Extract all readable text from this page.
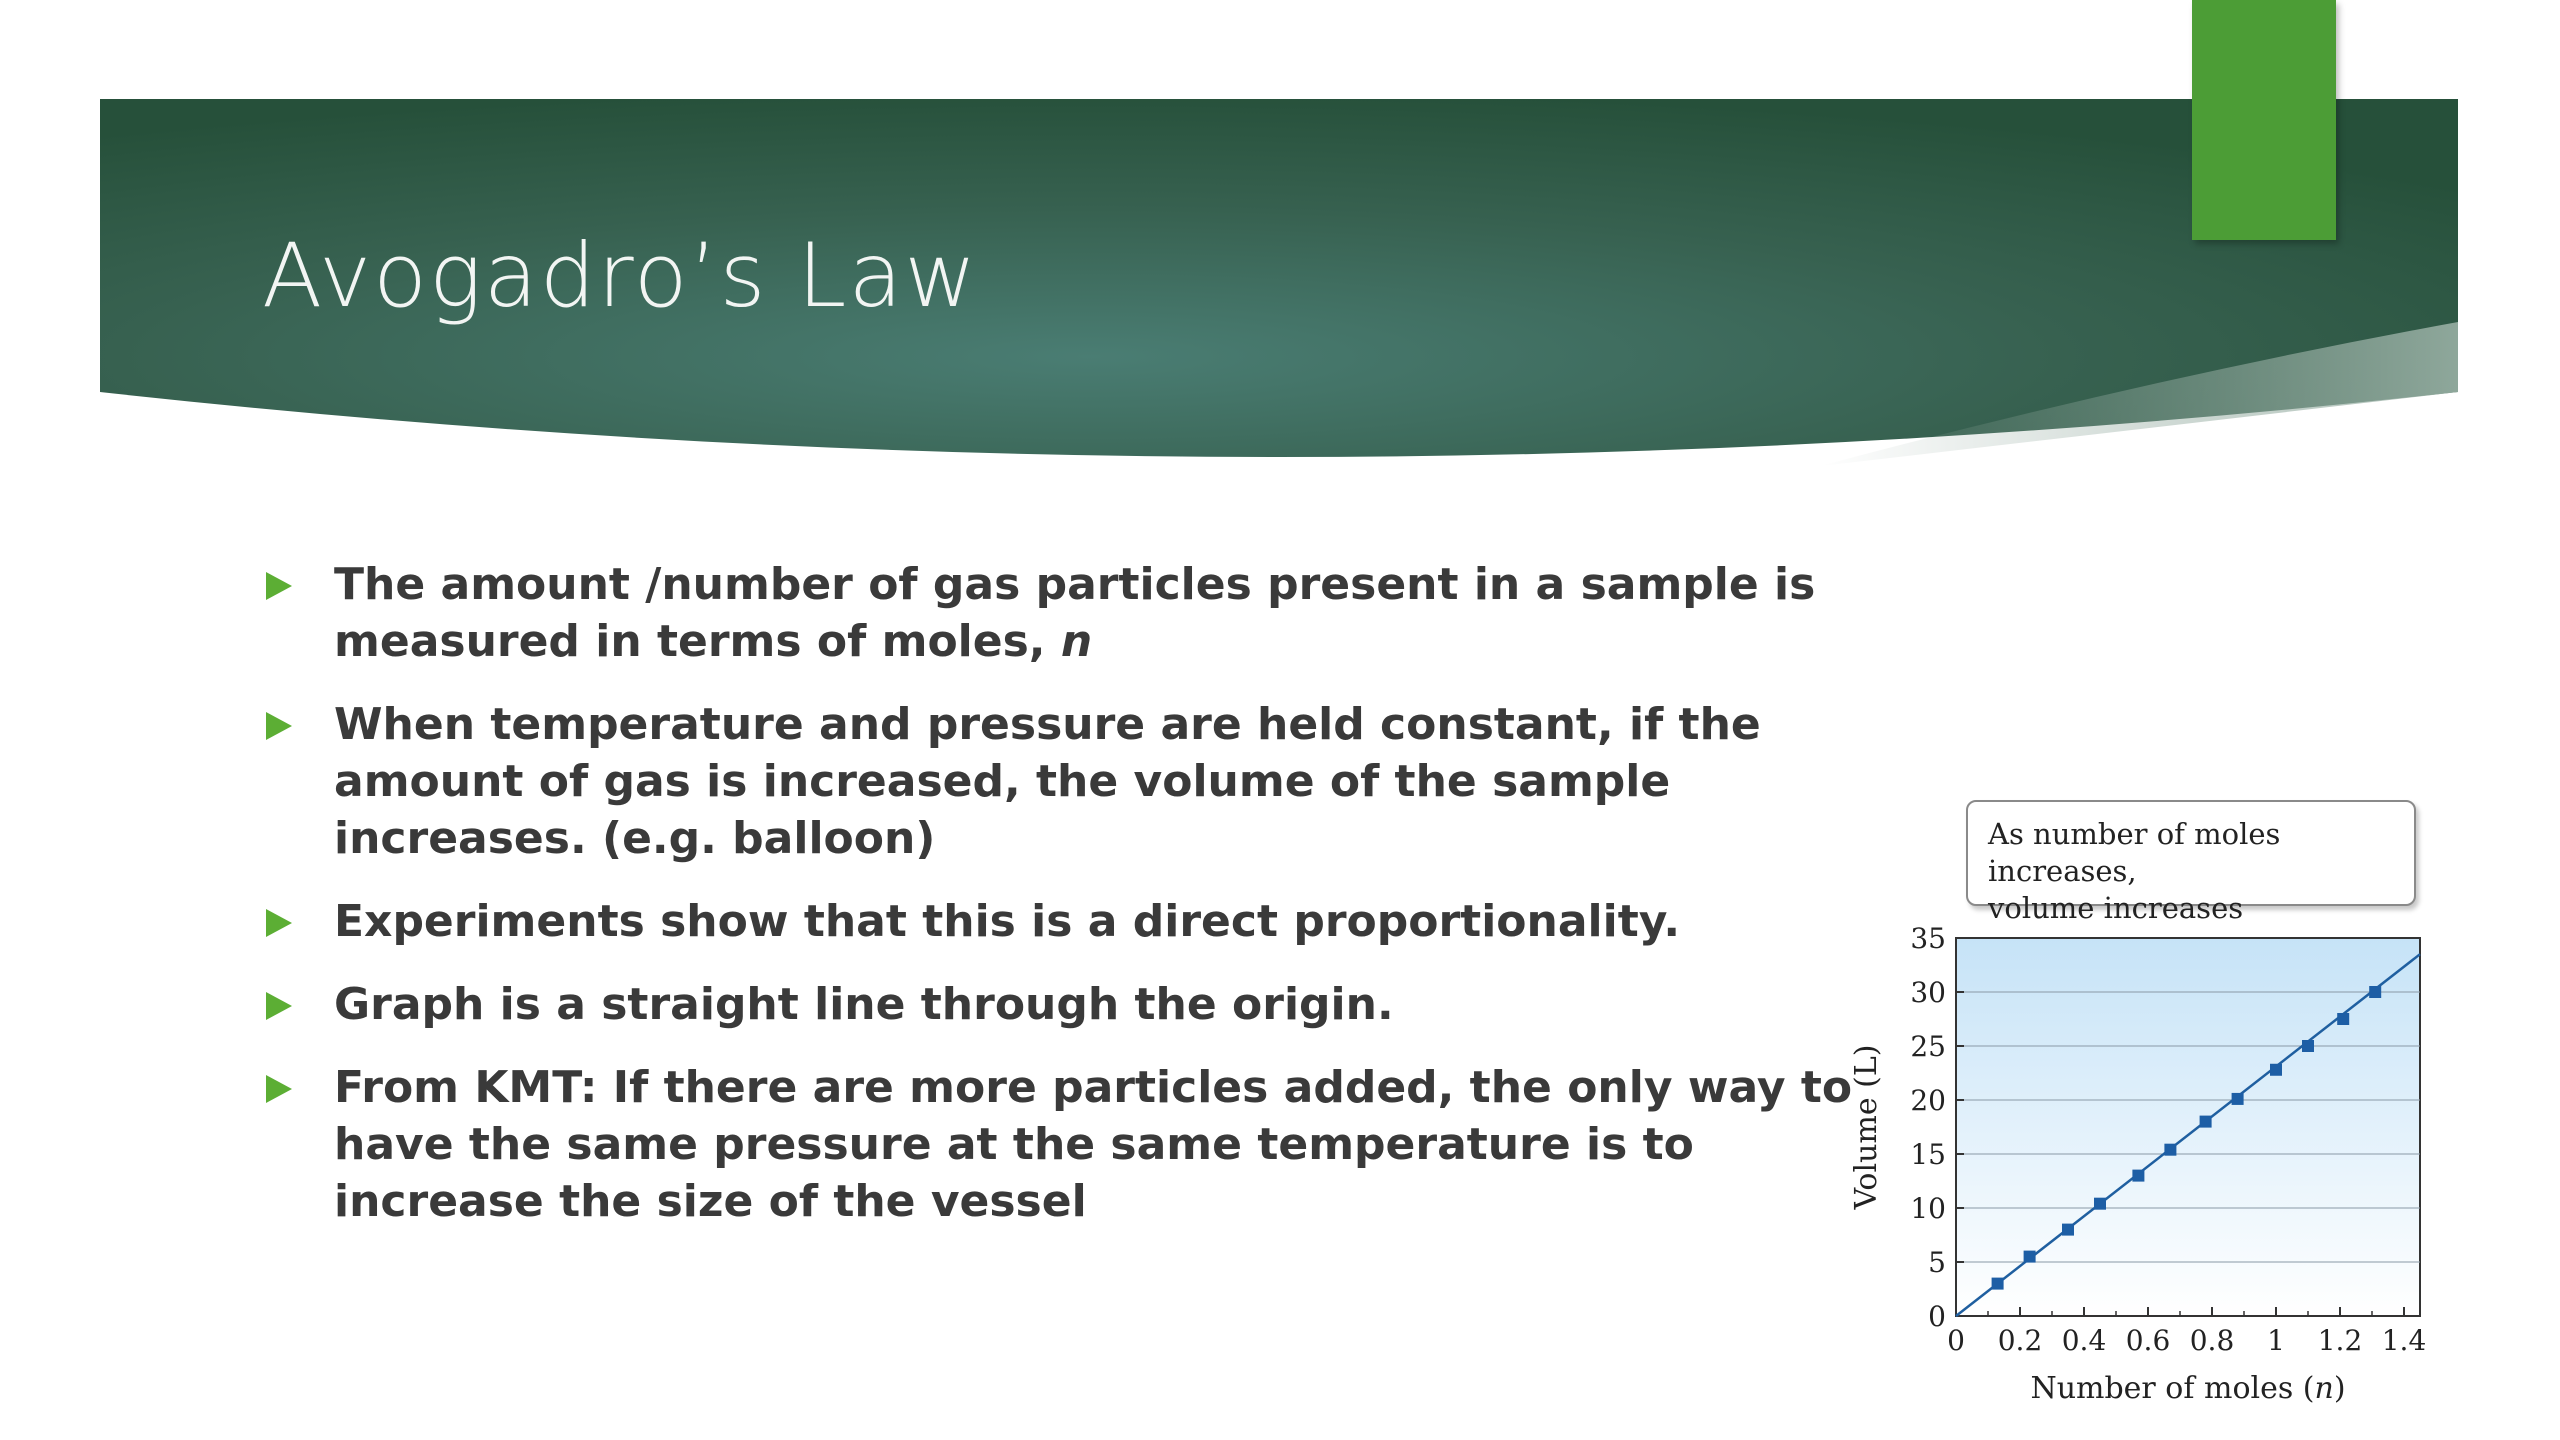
Avogadro’s Law
The amount /number of gas particles present in a sample is measured in terms of moles, n
When temperature and pressure are held constant, if the amount of gas is increased, the volume of the sample increases. (e.g. balloon)
Experiments show that this is a direct proportionality.
Graph is a straight line through the origin.
From KMT: If there are more particles added, the only way to have the same pressure at the same temperature is to increase the size of the vessel
As number of moles increases,
volume increases
0
5
10
15
20
25
30
35
0 0.2 0.4 0.6 0.8 1 1.2 1.4
Volume (L)
Number of moles (n)
